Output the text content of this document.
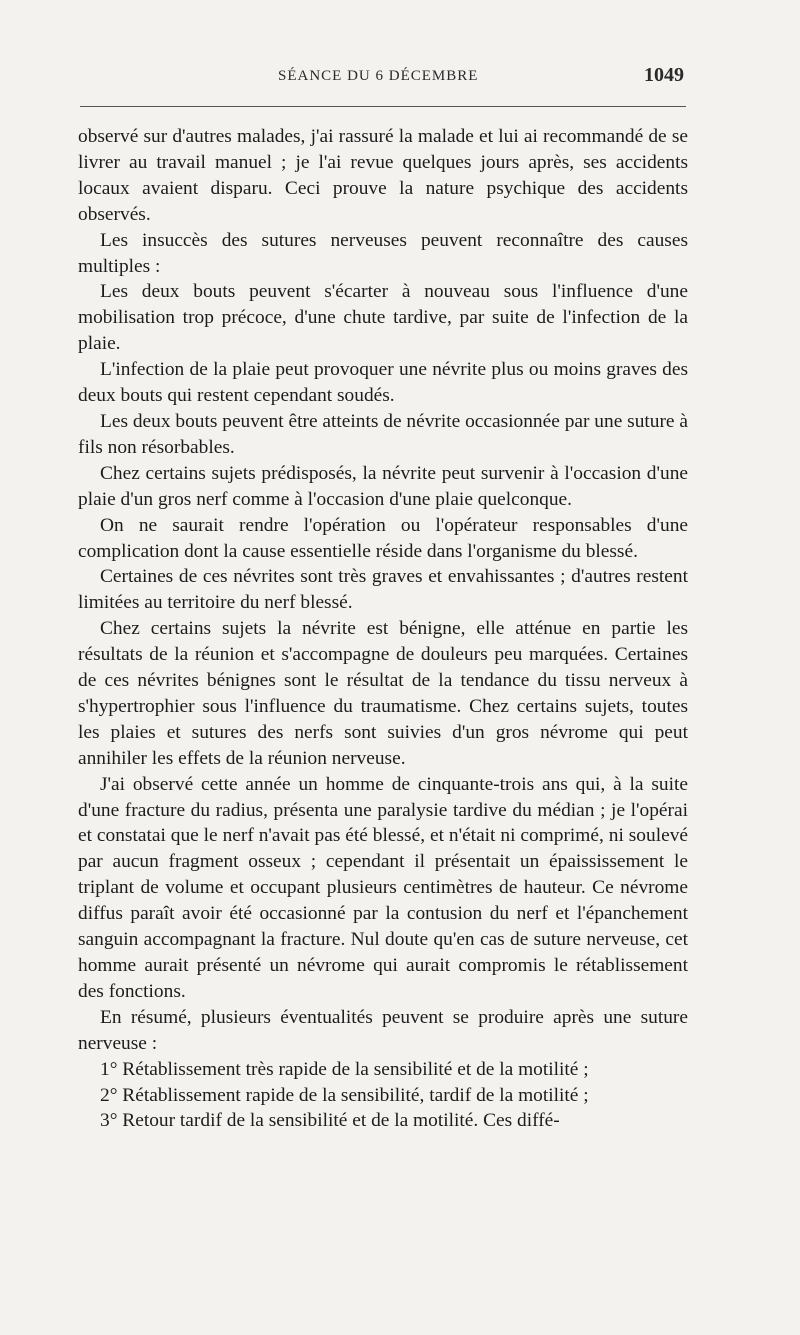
SÉANCE DU 6 DÉCEMBRE	1049

observé sur d'autres malades, j'ai rassuré la malade et lui ai recommandé de se livrer au travail manuel ; je l'ai revue quelques jours après, ses accidents locaux avaient disparu. Ceci prouve la nature psychique des accidents observés.

Les insuccès des sutures nerveuses peuvent reconnaître des causes multiples :

Les deux bouts peuvent s'écarter à nouveau sous l'influence d'une mobilisation trop précoce, d'une chute tardive, par suite de l'infection de la plaie.

L'infection de la plaie peut provoquer une névrite plus ou moins graves des deux bouts qui restent cependant soudés.

Les deux bouts peuvent être atteints de névrite occasionnée par une suture à fils non résorbables.

Chez certains sujets prédisposés, la névrite peut survenir à l'occasion d'une plaie d'un gros nerf comme à l'occasion d'une plaie quelconque.

On ne saurait rendre l'opération ou l'opérateur responsables d'une complication dont la cause essentielle réside dans l'organisme du blessé.

Certaines de ces névrites sont très graves et envahissantes ; d'autres restent limitées au territoire du nerf blessé.

Chez certains sujets la névrite est bénigne, elle atténue en partie les résultats de la réunion et s'accompagne de douleurs peu marquées. Certaines de ces névrites bénignes sont le résultat de la tendance du tissu nerveux à s'hypertrophier sous l'influence du traumatisme. Chez certains sujets, toutes les plaies et sutures des nerfs sont suivies d'un gros névrome qui peut annihiler les effets de la réunion nerveuse.

J'ai observé cette année un homme de cinquante-trois ans qui, à la suite d'une fracture du radius, présenta une paralysie tardive du médian ; je l'opérai et constatai que le nerf n'avait pas été blessé, et n'était ni comprimé, ni soulevé par aucun fragment osseux ; cependant il présentait un épaississement le triplant de volume et occupant plusieurs centimètres de hauteur. Ce névrome diffus paraît avoir été occasionné par la contusion du nerf et l'épanchement sanguin accompagnant la fracture. Nul doute qu'en cas de suture nerveuse, cet homme aurait présenté un névrome qui aurait compromis le rétablissement des fonctions.

En résumé, plusieurs éventualités peuvent se produire après une suture nerveuse :

1° Rétablissement très rapide de la sensibilité et de la motilité ;

2° Rétablissement rapide de la sensibilité, tardif de la motilité ;

3° Retour tardif de la sensibilité et de la motilité. Ces diffé-
